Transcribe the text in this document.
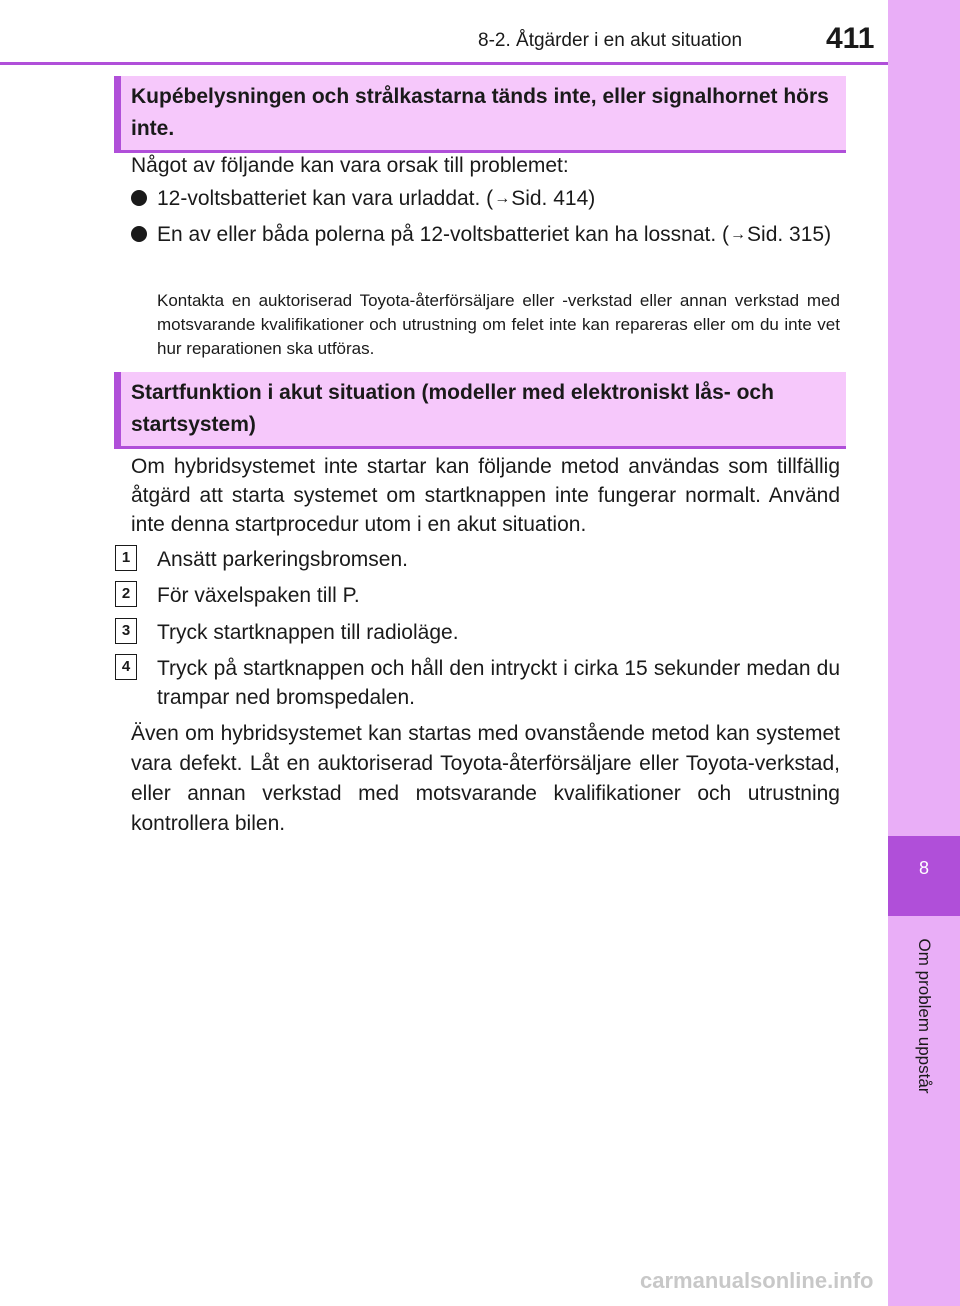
8-2. Åtgärder i en akut situation	411
8
Om problem uppstår
Kupébelysningen och strålkastarna tänds inte, eller signalhornet hörs inte.
Något av följande kan vara orsak till problemet:
12-voltsbatteriet kan vara urladdat. (→Sid. 414)
En av eller båda polerna på 12-voltsbatteriet kan ha lossnat. (→Sid. 315)
Kontakta en auktoriserad Toyota-återförsäljare eller -verkstad eller annan verkstad med motsvarande kvalifikationer och utrustning om felet inte kan repareras eller om du inte vet hur reparationen ska utföras.
Startfunktion i akut situation (modeller med elektroniskt lås- och startsystem)
Om hybridsystemet inte startar kan följande metod användas som tillfällig åtgärd att starta systemet om startknappen inte fungerar normalt. Använd inte denna startprocedur utom i en akut situation.
1	Ansätt parkeringsbromsen.
2	För växelspaken till P.
3	Tryck startknappen till radioläge.
4	Tryck på startknappen och håll den intryckt i cirka 15 sekunder medan du trampar ned bromspedalen.
Även om hybridsystemet kan startas med ovanstående metod kan systemet vara defekt. Låt en auktoriserad Toyota-återförsäljare eller Toyota-verkstad, eller annan verkstad med motsvarande kvalifikationer och utrustning kontrollera bilen.
carmanualsonline.info
